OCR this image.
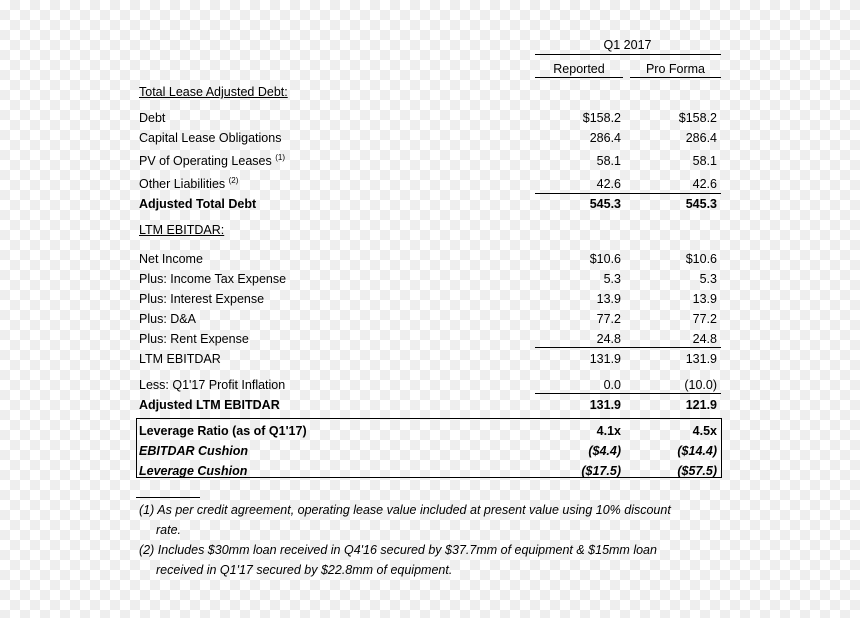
Q1 2017
Reported	Pro Forma
Total Lease Adjusted Debt:
Debt	$158.2	$158.2
Capital Lease Obligations	286.4	286.4
PV of Operating Leases $^{(1)}$	58.1	58.1
Other Liabilities $^{(2)}$	42.6	42.6
Adjusted Total Debt	545.3	545.3
LTM EBITDAR:
Net Income	$10.6	$10.6
Plus: Income Tax Expense	5.3	5.3
Plus: Interest Expense	13.9	13.9
Plus: D&A	77.2	77.2
Plus: Rent Expense	24.8	24.8
LTM EBITDAR	131.9	131.9
Less: Q1'17 Profit Inflation	0.0	(10.0)
Adjusted LTM EBITDAR	131.9	121.9
Leverage Ratio (as of Q1'17)	4.1x	4.5x
EBITDAR Cushion	($4.4)	($14.4)
Leverage Cushion	($17.5)	($57.5)
(1) As per credit agreement, operating lease value included at present value using 10% discount
rate.
(2) Includes $30mm loan received in Q4'16 secured by $37.7mm of equipment & $15mm loan
received in Q1'17 secured by $22.8mm of equipment.
